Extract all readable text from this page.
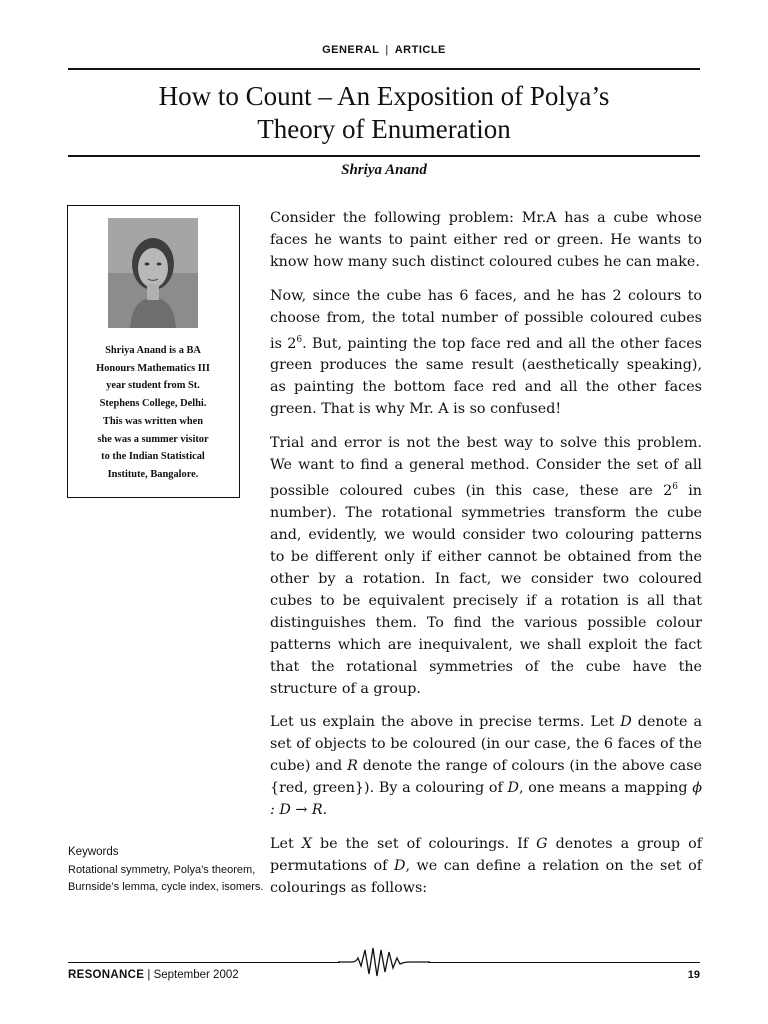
GENERAL | ARTICLE
How to Count – An Exposition of Polya’s
Theory of Enumeration
Shriya Anand
Shriya Anand is a BA
Honours Mathematics III
year student from St.
Stephens College, Delhi.
This was written when
she was a summer visitor
to the Indian Statistical
Institute, Bangalore.

Consider the following problem: Mr.A has a cube whose faces he wants to paint either red or green. He wants to know how many such distinct coloured cubes he can make.

Now, since the cube has 6 faces, and he has 2 colours to choose from, the total number of possible coloured cubes is $2^6$. But, painting the top face red and all the other faces green produces the same result (aesthetically speaking), as painting the bottom face red and all the other faces green. That is why Mr. A is so confused!

Trial and error is not the best way to solve this problem. We want to find a general method. Consider the set of all possible coloured cubes (in this case, these are $2^6$ in number). The rotational symmetries transform the cube and, evidently, we would consider two colouring patterns to be different only if either cannot be obtained from the other by a rotation. In fact, we consider two coloured cubes to be equivalent precisely if a rotation is all that distinguishes them. To find the various possible colour patterns which are inequivalent, we shall exploit the fact that the rotational symmetries of the cube have the structure of a group.

Let us explain the above in precise terms. Let D denote a set of objects to be coloured (in our case, the 6 faces of the cube) and R denote the range of colours (in the above case {red, green}). By a colouring of D, one means a mapping ϕ : D → R.

Let X be the set of colourings. If G denotes a group of permutations of D, we can define a relation on the set of colourings as follows:

Keywords
Rotational symmetry, Polya’s theorem, Burnside’s lemma, cycle index, isomers.
RESONANCE | September 2002	19
